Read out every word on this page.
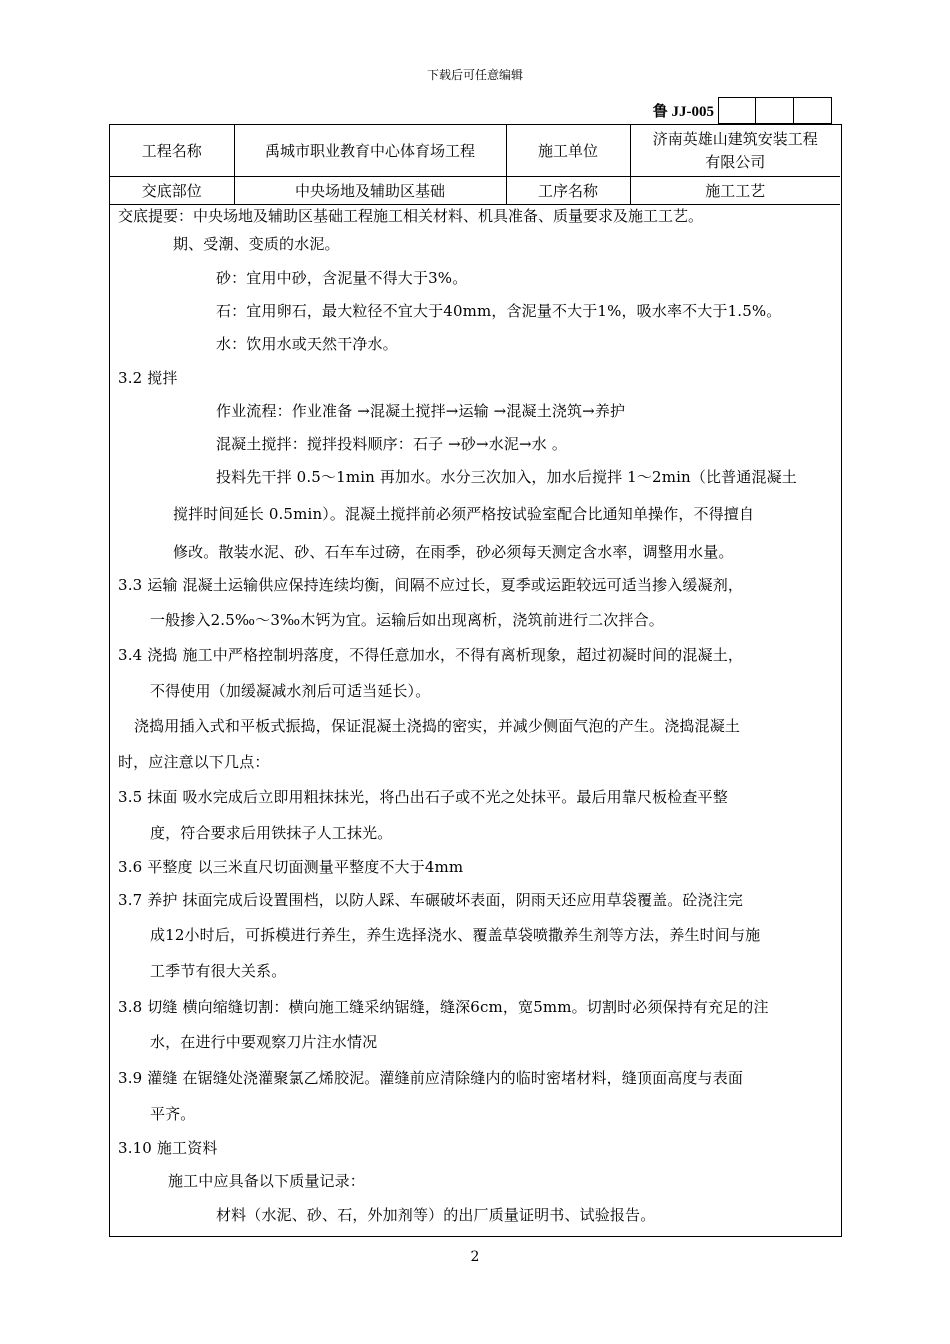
下载后可任意编辑
鲁 JJ-005
工程名称	禹城市职业教育中心体育场工程	施工单位	济南英雄山建筑安装工程
有限公司

交底部位	中央场地及辅助区基础	工序名称	施工工艺
交底提要：中央场地及辅助区基础工程施工相关材料、机具准备、质量要求及施工工艺。
期、受潮、变质的水泥。
砂：宜用中砂，含泥量不得大于3%。
石：宜用卵石，最大粒径不宜大于40mm，含泥量不大于1%，吸水率不大于1.5%。
水：饮用水或天然干净水。
3.2 搅拌
作业流程：作业准备 →混凝土搅拌→运输 →混凝土浇筑→养护
混凝土搅拌：搅拌投料顺序：石子 →砂→水泥→水 。
投料先干拌 0.5～1min 再加水。水分三次加入，加水后搅拌 1～2min（比普通混凝土
搅拌时间延长 0.5min）。混凝土搅拌前必须严格按试验室配合比通知单操作，不得擅自
修改。散装水泥、砂、石车车过磅，在雨季，砂必须每天测定含水率，调整用水量。
3.3 运输 混凝土运输供应保持连续均衡，间隔不应过长，夏季或运距较远可适当掺入缓凝剂，
一般掺入2.5‰～3‰木钙为宜。运输后如出现离析，浇筑前进行二次拌合。
3.4 浇捣 施工中严格控制坍落度，不得任意加水，不得有离析现象，超过初凝时间的混凝土，
不得使用（加缓凝减水剂后可适当延长）。
浇捣用插入式和平板式振捣，保证混凝土浇捣的密实，并减少侧面气泡的产生。浇捣混凝土
时，应注意以下几点：
3.5 抹面 吸水完成后立即用粗抹抹光，将凸出石子或不光之处抹平。最后用靠尺板检查平整
度，符合要求后用铁抹子人工抹光。
3.6 平整度 以三米直尺切面测量平整度不大于4mm
3.7 养护 抹面完成后设置围档，以防人踩、车碾破坏表面，阴雨天还应用草袋覆盖。砼浇注完
成12小时后，可拆模进行养生，养生选择浇水、覆盖草袋喷撒养生剂等方法，养生时间与施
工季节有很大关系。
3.8 切缝 横向缩缝切割：横向施工缝采纳锯缝，缝深6cm，宽5mm。切割时必须保持有充足的注
水，在进行中要观察刀片注水情况
3.9 灌缝 在锯缝处浇灌聚氯乙烯胶泥。灌缝前应清除缝内的临时密堵材料，缝顶面高度与表面
平齐。
3.10 施工资料
施工中应具备以下质量记录：
材料（水泥、砂、石，外加剂等）的出厂质量证明书、试验报告。
2
